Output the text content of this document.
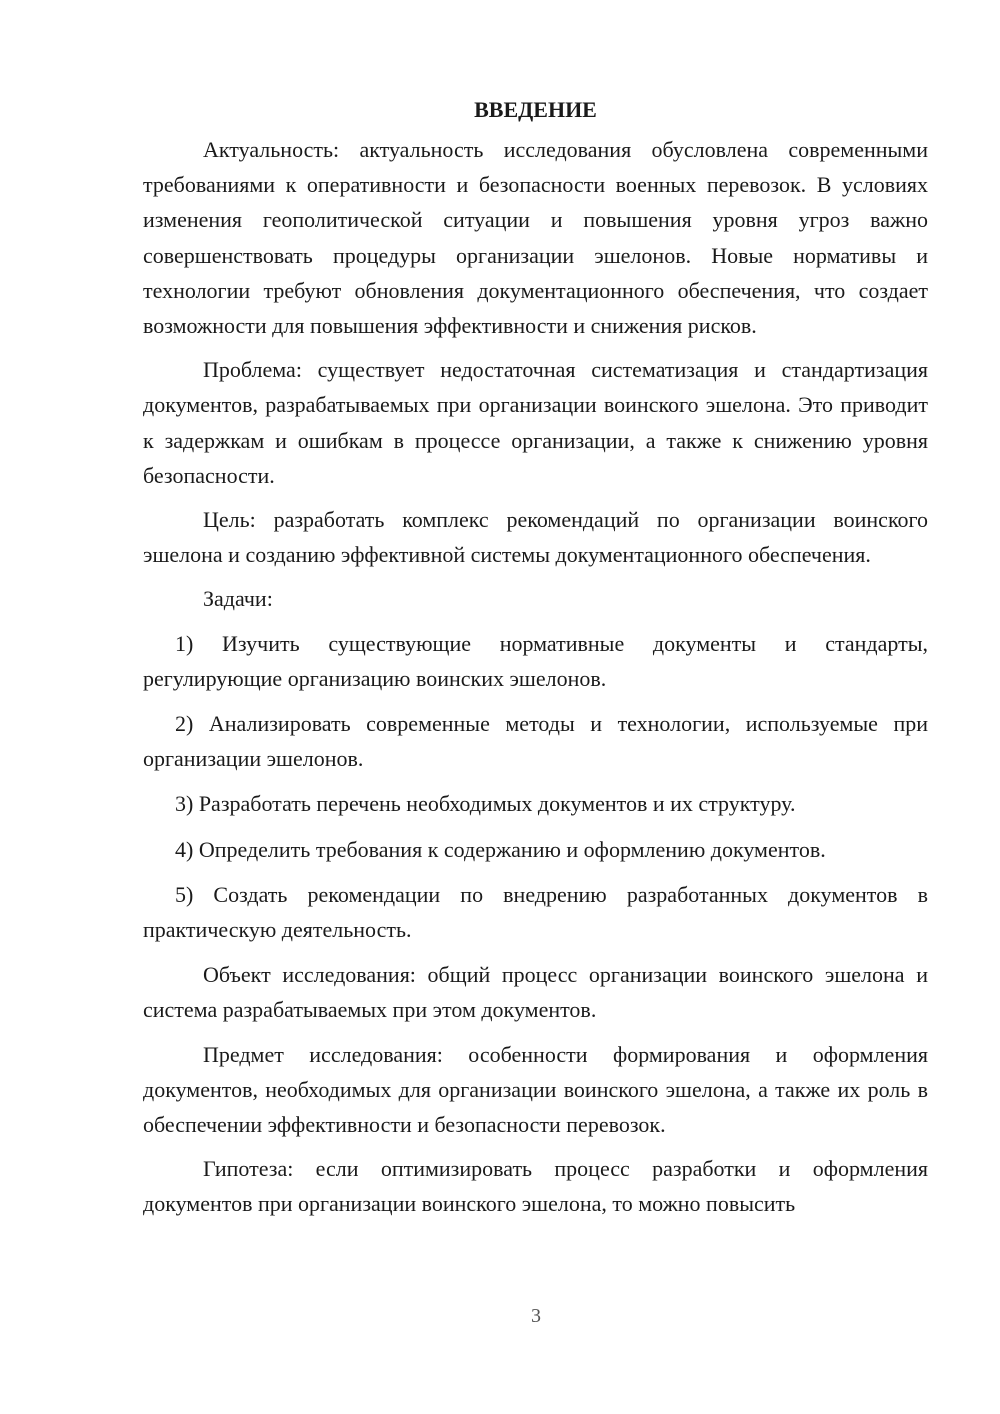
ВВЕДЕНИЕ

Актуальность: актуальность исследования обусловлена современными требованиями к оперативности и безопасности военных перевозок. В условиях изменения геополитической ситуации и повышения уровня угроз важно совершенствовать процедуры организации эшелонов. Новые нормативы и технологии требуют обновления документационного обеспечения, что создает возможности для повышения эффективности и снижения рисков.

Проблема: существует недостаточная систематизация и стандартизация документов, разрабатываемых при организации воинского эшелона. Это приводит к задержкам и ошибкам в процессе организации, а также к снижению уровня безопасности.

Цель: разработать комплекс рекомендаций по организации воинского эшелона и созданию эффективной системы документационного обеспечения.

Задачи:

1) Изучить существующие нормативные документы и стандарты, регулирующие организацию воинских эшелонов.

2) Анализировать современные методы и технологии, используемые при организации эшелонов.

3) Разработать перечень необходимых документов и их структуру.

4) Определить требования к содержанию и оформлению документов.

5) Создать рекомендации по внедрению разработанных документов в практическую деятельность.

Объект исследования: общий процесс организации воинского эшелона и система разрабатываемых при этом документов.

Предмет исследования: особенности формирования и оформления документов, необходимых для организации воинского эшелона, а также их роль в обеспечении эффективности и безопасности перевозок.

Гипотеза: если оптимизировать процесс разработки и оформления документов при организации воинского эшелона, то можно повысить

3
